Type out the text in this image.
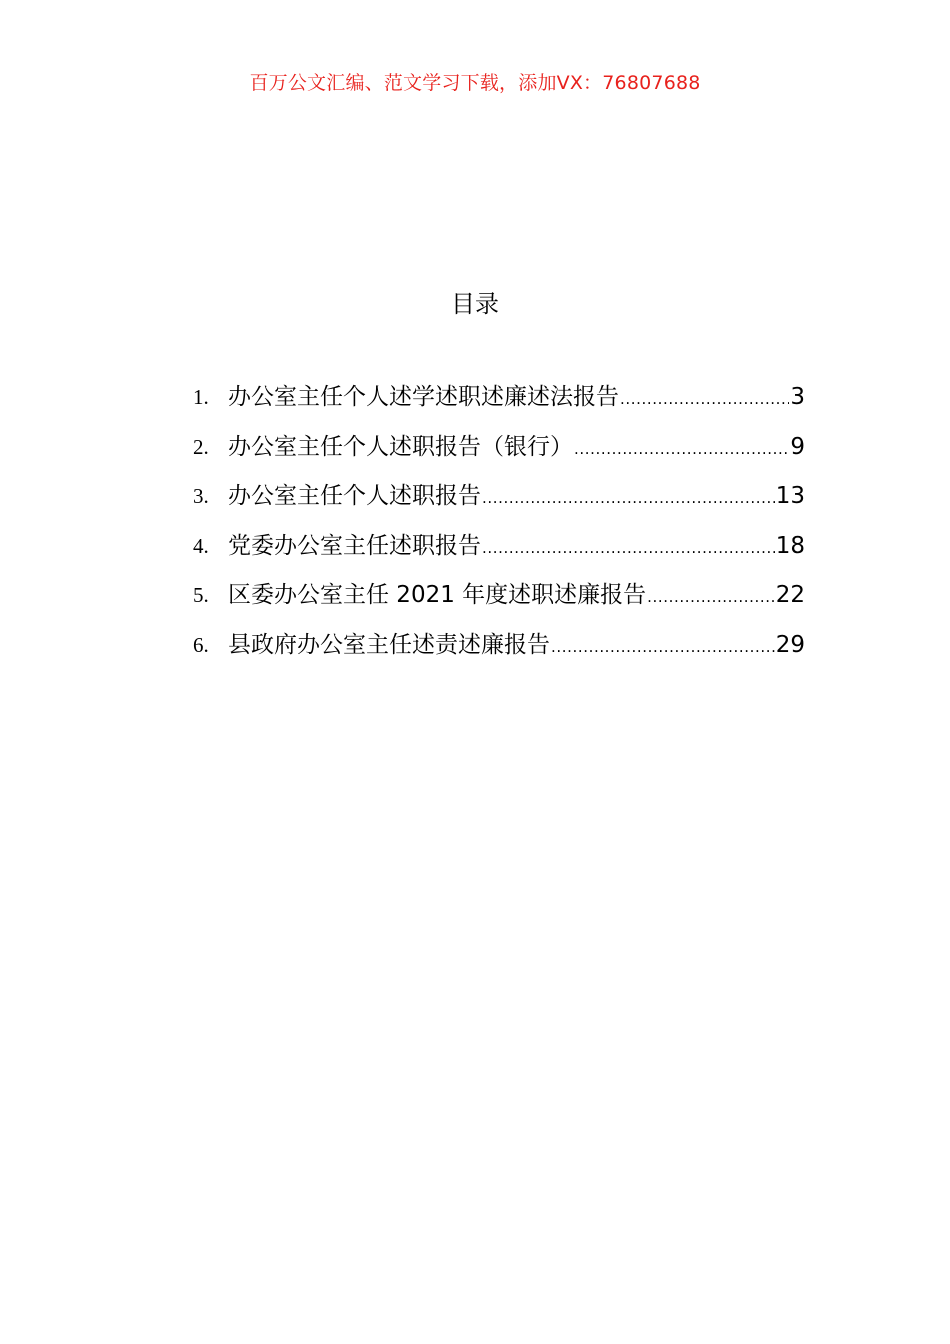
百万公文汇编、范文学习下载，添加VX：76807688
目录
1. 办公室主任个人述学述职述廉述法报告 .....	3
2. 办公室主任个人述职报告（银行） .....	9
3. 办公室主任个人述职报告 .....	13
4. 党委办公室主任述职报告 .....	18
5. 区委办公室主任 2021 年度述职述廉报告 .....	22
6. 县政府办公室主任述责述廉报告 .....	29
